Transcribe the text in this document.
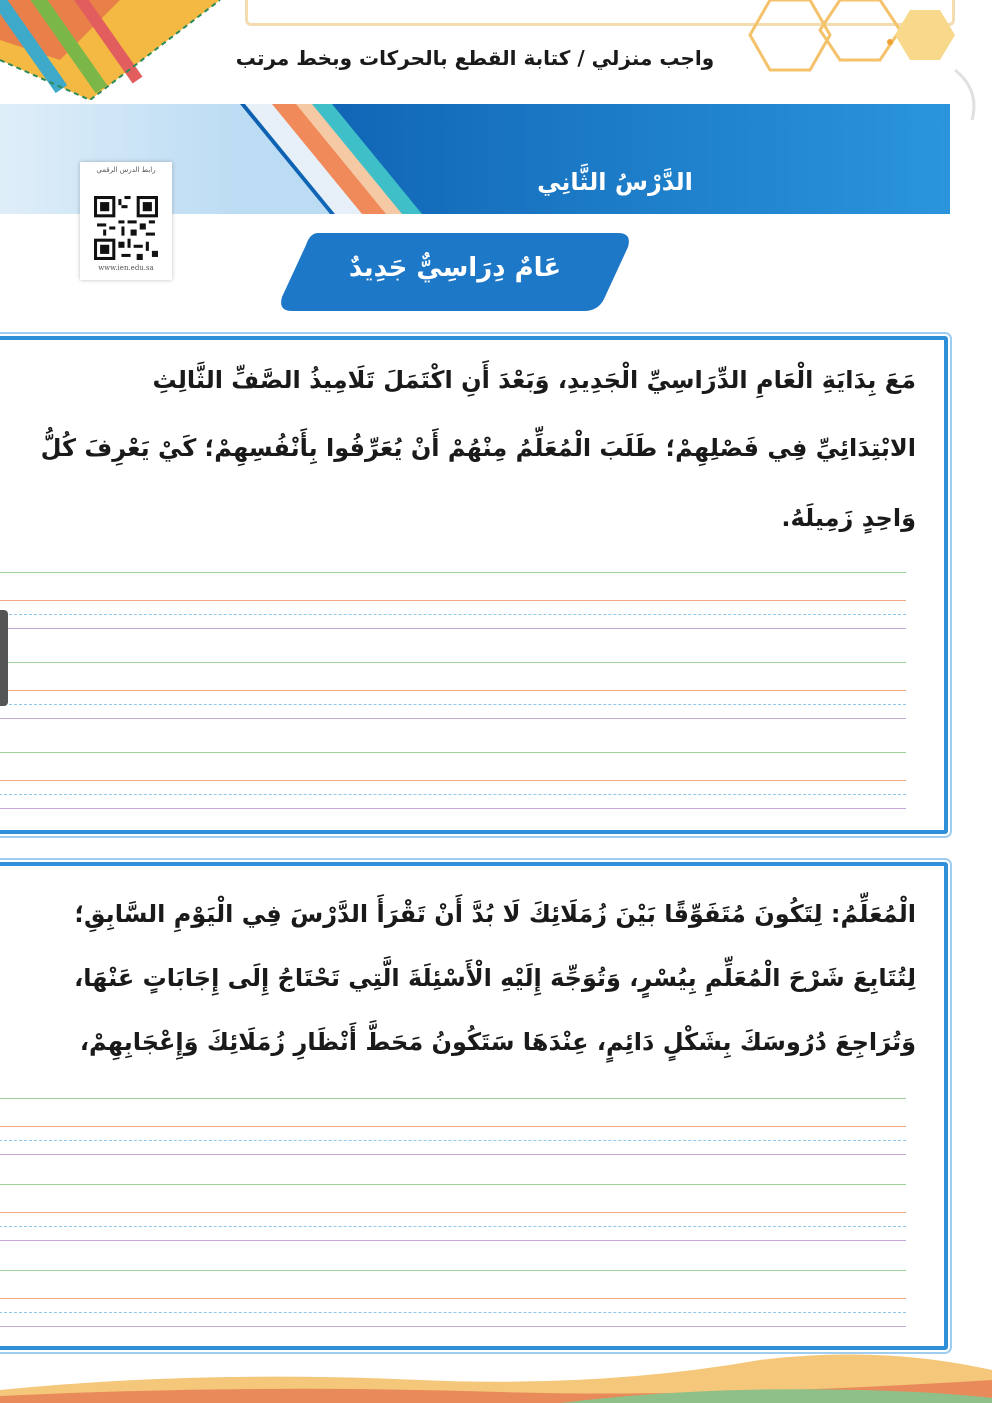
واجب منزلي / كتابة القطع بالحركات وبخط مرتب
الدَّرْسُ الثَّانِي
رابط الدرس الرقمي
www.ien.edu.sa	عَامٌ دِرَاسِيٌّ جَدِيدٌ
مَعَ بِدَايَةِ الْعَامِ الدِّرَاسِيِّ الْجَدِيدِ، وَبَعْدَ أَنِ اكْتَمَلَ تَلَامِيذُ الصَّفِّ الثَّالِثِ
الابْتِدَائِيِّ فِي فَصْلِهِمْ؛ طَلَبَ الْمُعَلِّمُ مِنْهُمْ أَنْ يُعَرِّفُوا بِأَنْفُسِهِمْ؛ كَيْ يَعْرِفَ كُلُّ
وَاحِدٍ زَمِيلَهُ.
الْمُعَلِّمُ: لِتَكُونَ مُتَفَوِّقًا بَيْنَ زُمَلَائِكَ لَا بُدَّ أَنْ تَقْرَأَ الدَّرْسَ فِي الْيَوْمِ السَّابِقِ؛
لِتُتَابِعَ شَرْحَ الْمُعَلِّمِ بِيُسْرٍ، وَتُوَجِّهَ إِلَيْهِ الْأَسْئِلَةَ الَّتِي تَحْتَاجُ إِلَى إِجَابَاتٍ عَنْهَا،
وَتُرَاجِعَ دُرُوسَكَ بِشَكْلٍ دَائِمٍ، عِنْدَهَا سَتَكُونُ مَحَطَّ أَنْظَارِ زُمَلَائِكَ وَإِعْجَابِهِمْ،
